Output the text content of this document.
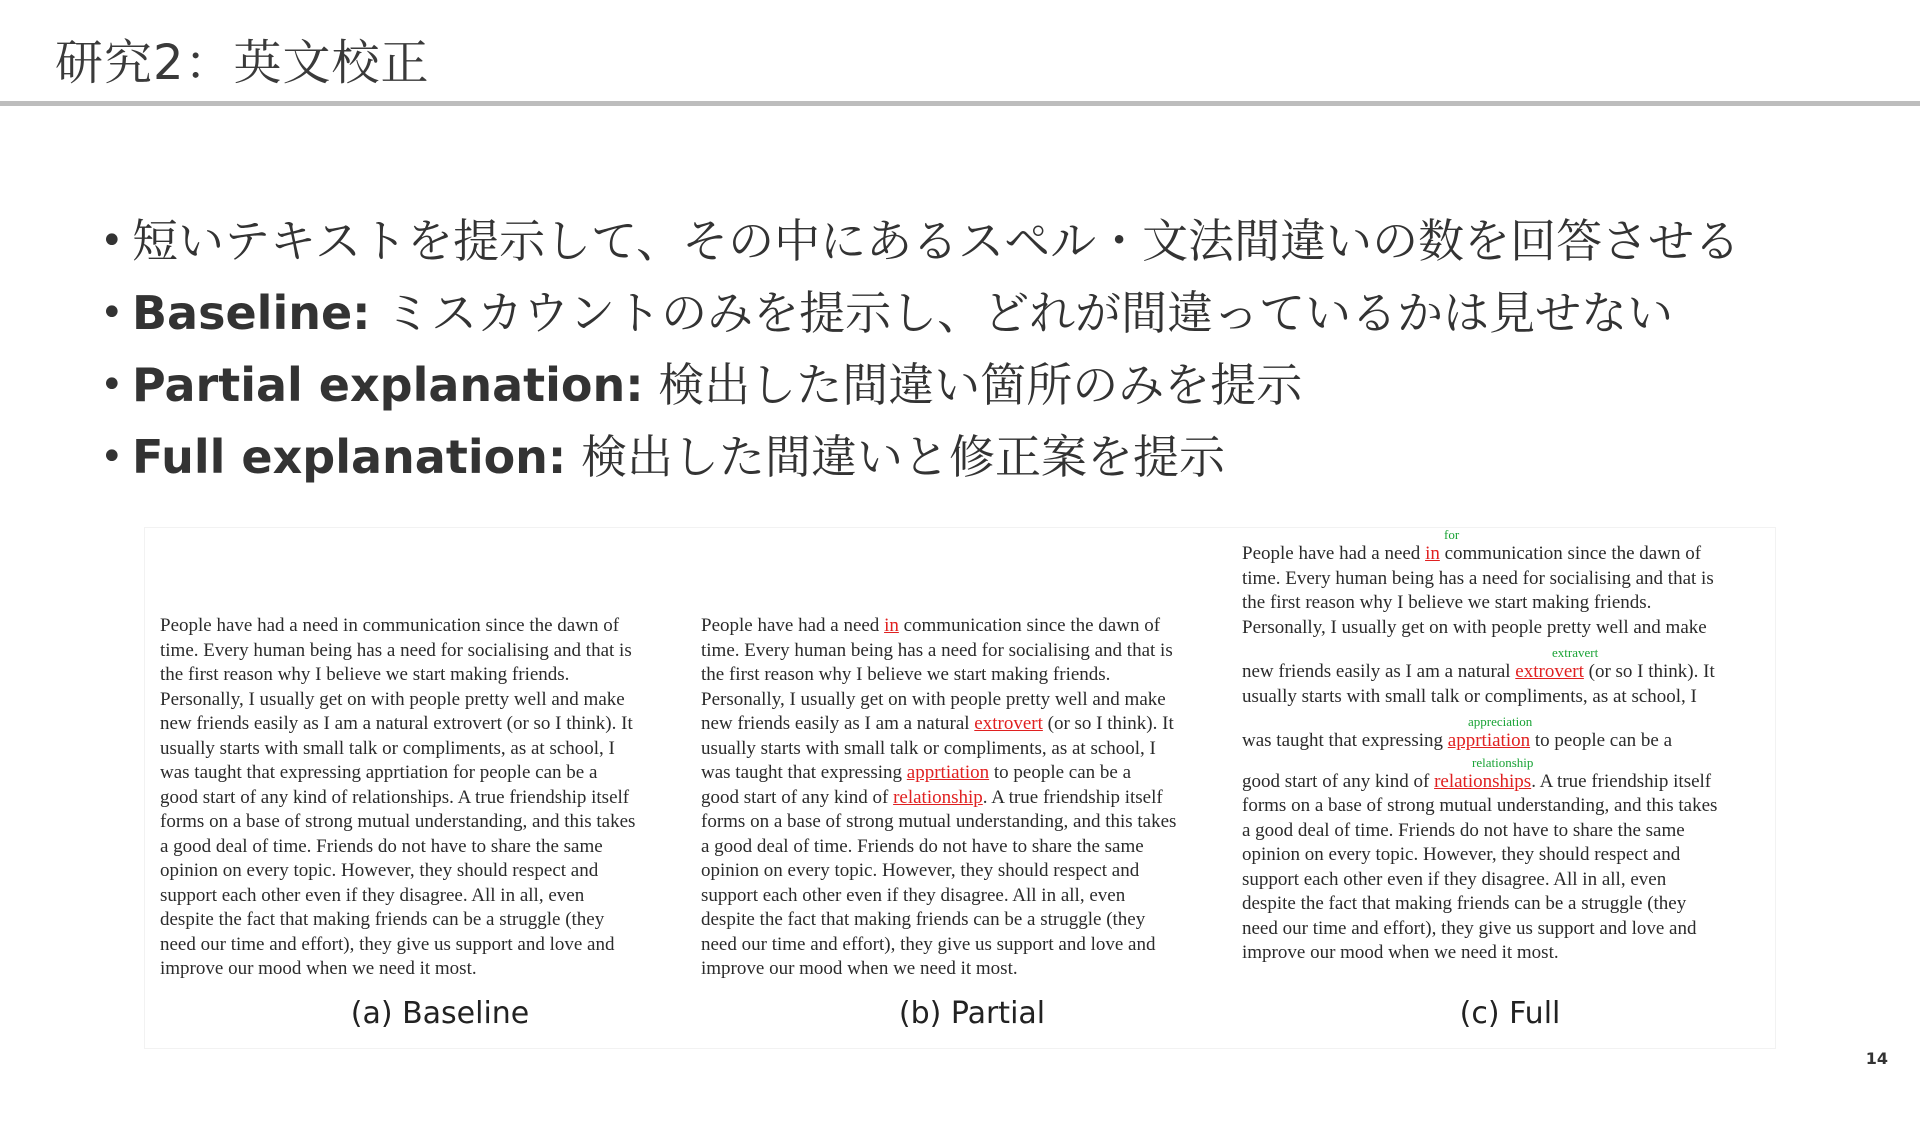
研究2：英文校正
• 短いテキストを提示して、その中にあるスペル・文法間違いの数を回答させる
• Baseline: ミスカウントのみを提示し、どれが間違っているかは見せない
• Partial explanation: 検出した間違い箇所のみを提示
• Full explanation: 検出した間違いと修正案を提示
People have had a need in communication since the dawn of
time. Every human being has a need for socialising and that is
the first reason why I believe we start making friends.
Personally, I usually get on with people pretty well and make
new friends easily as I am a natural extrovert (or so I think). It
usually starts with small talk or compliments, as at school, I
was taught that expressing apprtiation for people can be a
good start of any kind of relationships. A true friendship itself
forms on a base of strong mutual understanding, and this takes
a good deal of time. Friends do not have to share the same
opinion on every topic. However, they should respect and
support each other even if they disagree. All in all, even
despite the fact that making friends can be a struggle (they
need our time and effort), they give us support and love and
improve our mood when we need it most.
People have had a need in communication since the dawn of
time. Every human being has a need for socialising and that is
the first reason why I believe we start making friends.
Personally, I usually get on with people pretty well and make
new friends easily as I am a natural extrovert (or so I think). It
usually starts with small talk or compliments, as at school, I
was taught that expressing apprtiation to people can be a
good start of any kind of relationship. A true friendship itself
forms on a base of strong mutual understanding, and this takes
a good deal of time. Friends do not have to share the same
opinion on every topic. However, they should respect and
support each other even if they disagree. All in all, even
despite the fact that making friends can be a struggle (they
need our time and effort), they give us support and love and
improve our mood when we need it most.
for
People have had a need in communication since the dawn of
time. Every human being has a need for socialising and that is
the first reason why I believe we start making friends.
Personally, I usually get on with people pretty well and make
extravert
new friends easily as I am a natural extrovert (or so I think). It
usually starts with small talk or compliments, as at school, I
appreciation
was taught that expressing apprtiation to people can be a
relationship
good start of any kind of relationships. A true friendship itself
forms on a base of strong mutual understanding, and this takes
a good deal of time. Friends do not have to share the same
opinion on every topic. However, they should respect and
support each other even if they disagree. All in all, even
despite the fact that making friends can be a struggle (they
need our time and effort), they give us support and love and
improve our mood when we need it most.
(a) Baseline	(b) Partial	(c) Full
14
